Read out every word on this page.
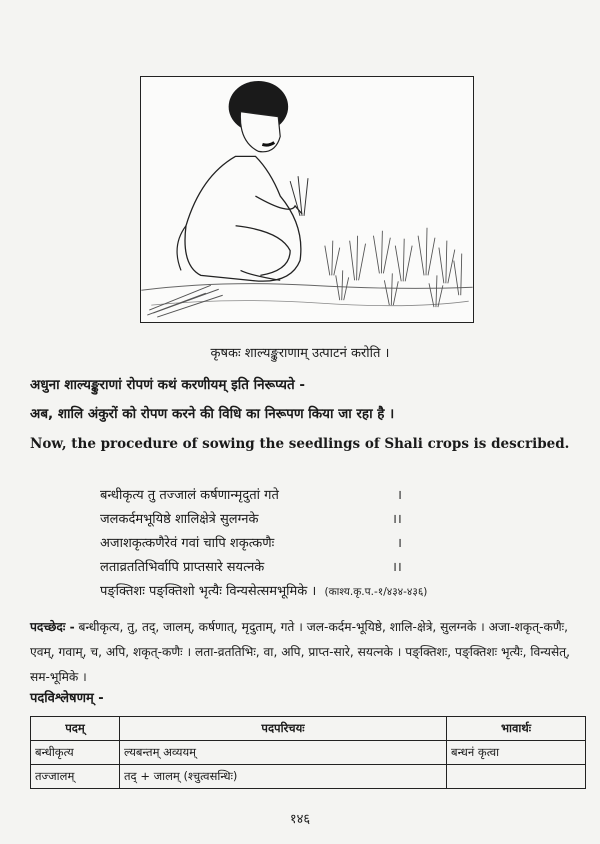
कृषकः शाल्यङ्कुराणाम् उत्पाटनं करोति ।
अधुना शाल्यङ्कुराणां रोपणं कथं करणीयम् इति निरूप्यते -
अब, शालि अंकुरों को रोपण करने की विधि का निरूपण किया जा रहा है ।
Now, the procedure of sowing the seedlings of Shali crops is described.
बन्धीकृत्य तु तज्जालं कर्षणान्मृदुतां गते	।
जलकर्दमभूयिष्ठे शालिक्षेत्रे सुलग्नके	।।
अजाशकृत्कणैरेवं गवां चापि शकृत्कणैः	।
लताव्रततिभिर्वापि प्राप्तसारे सयत्नके	।।
पङ्क्तिशः पङ्क्तिशो भृत्यैः विन्यसेत्समभूमिके । (काश्य.कृ.प.-१/४३४-४३६)
पदच्छेदः - बन्धीकृत्य, तु, तद्, जालम्, कर्षणात्, मृदुताम्, गते । जल-कर्दम-भूयिष्ठे, शालि-क्षेत्रे, सुलग्नके । अजा-शकृत्-कणैः, एवम्, गवाम्, च, अपि, शकृत्-कणैः । लता-व्रततिभिः, वा, अपि, प्राप्त-सारे, सयत्नके । पङ्क्तिशः, पङ्क्तिशः भृत्यैः, विन्यसेत्, सम-भूमिके ।
पदविश्लेषणम् -
पदम्	पदपरिचयः	भावार्थः
बन्धीकृत्य	ल्यबन्तम् अव्ययम्	बन्धनं कृत्वा
तज्जालम्	तद् + जालम् (श्चुत्वसन्धिः)	
१४६
